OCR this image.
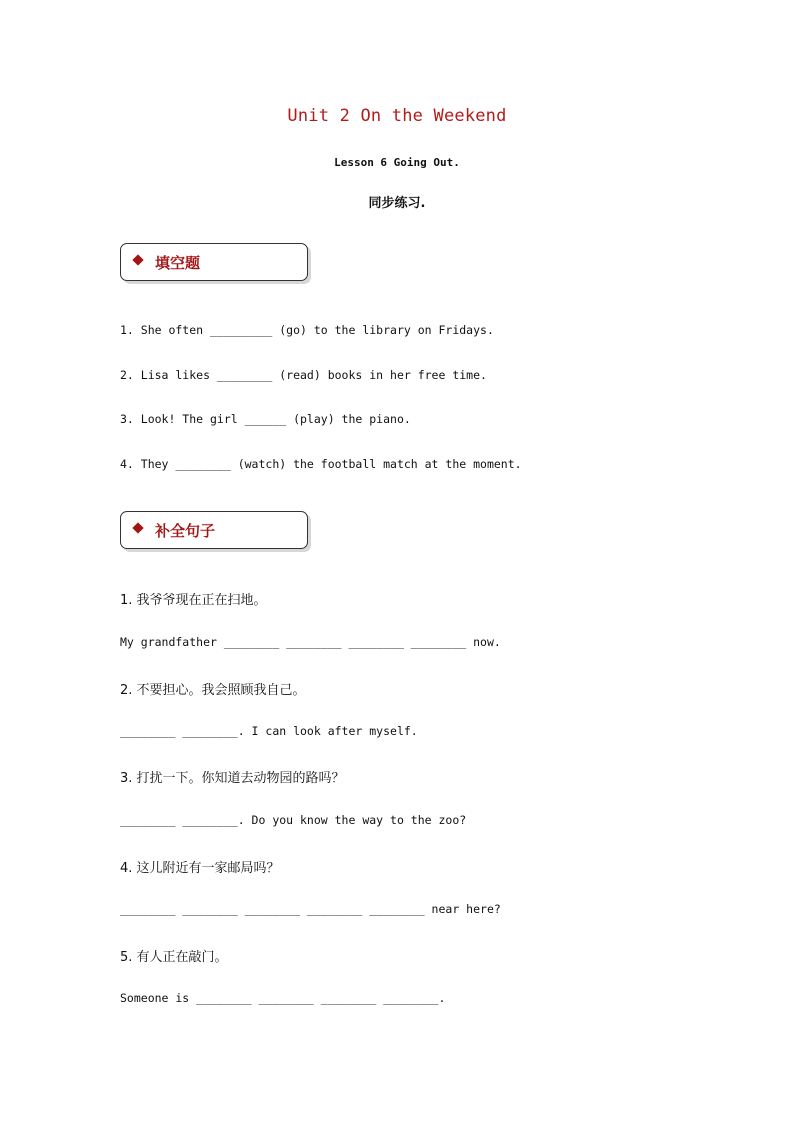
Unit 2 On the Weekend
Lesson 6 Going Out.
同步练习.
填空题
1. She often _________ (go) to the library on Fridays.
2. Lisa likes ________ (read) books in her free time.
3. Look! The girl ______ (play) the piano.
4. They ________ (watch) the football match at the moment.
补全句子
1. 我爷爷现在正在扫地。
My grandfather ________ ________ ________ ________ now.
2. 不要担心。我会照顾我自己。
________ ________. I can look after myself.
3. 打扰一下。你知道去动物园的路吗？
________ ________. Do you know the way to the zoo?
4. 这儿附近有一家邮局吗？
________ ________ ________ ________ ________ near here?
5. 有人正在敲门。
Someone is ________ ________ ________ ________.
